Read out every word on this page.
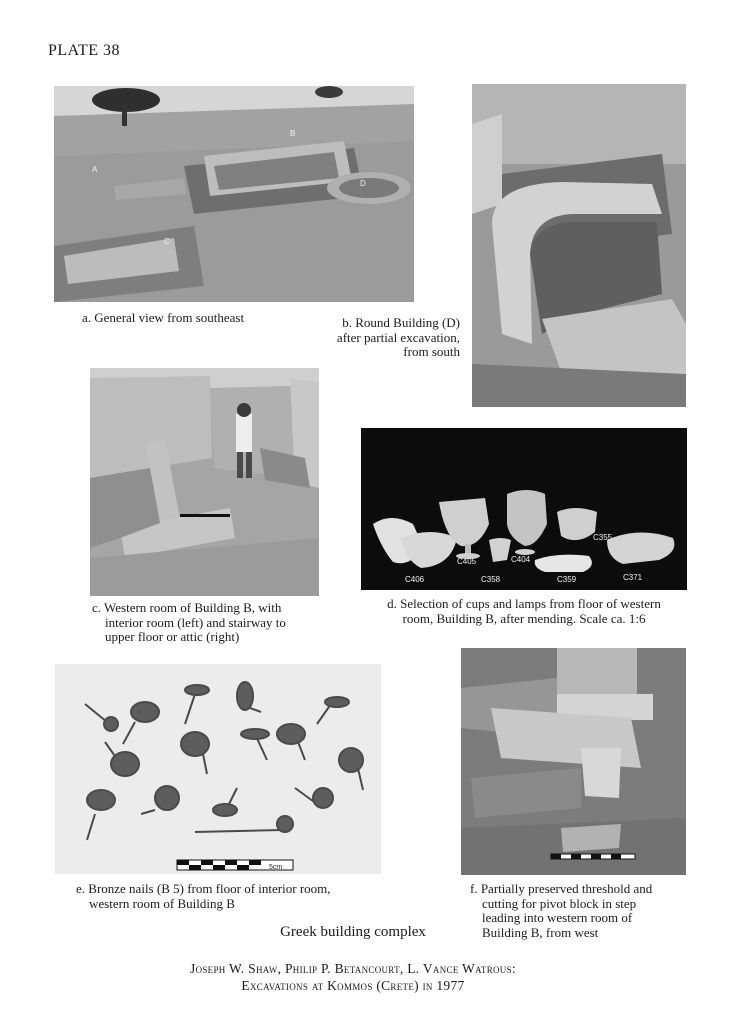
PLATE 38
B
A
C
D
a. General view from southeast	b. Round Building (D)
after partial excavation,
from south
c. Western room of Building B, with
interior room (left) and stairway to
upper floor or attic (right)
C355
C405	C404
C406	C358	C359	C371
d. Selection of cups and lamps from floor of western
room, Building B, after mending. Scale ca. 1:6
5cm
e. Bronze nails (B 5) from floor of interior room,
western room of Building B
f. Partially preserved threshold and
cutting for pivot block in step
leading into western room of
Building B, from west
Greek building complex
Joseph W. Shaw, Philip P. Betancourt, L. Vance Watrous:
Excavations at Kommos (Crete) in 1977
